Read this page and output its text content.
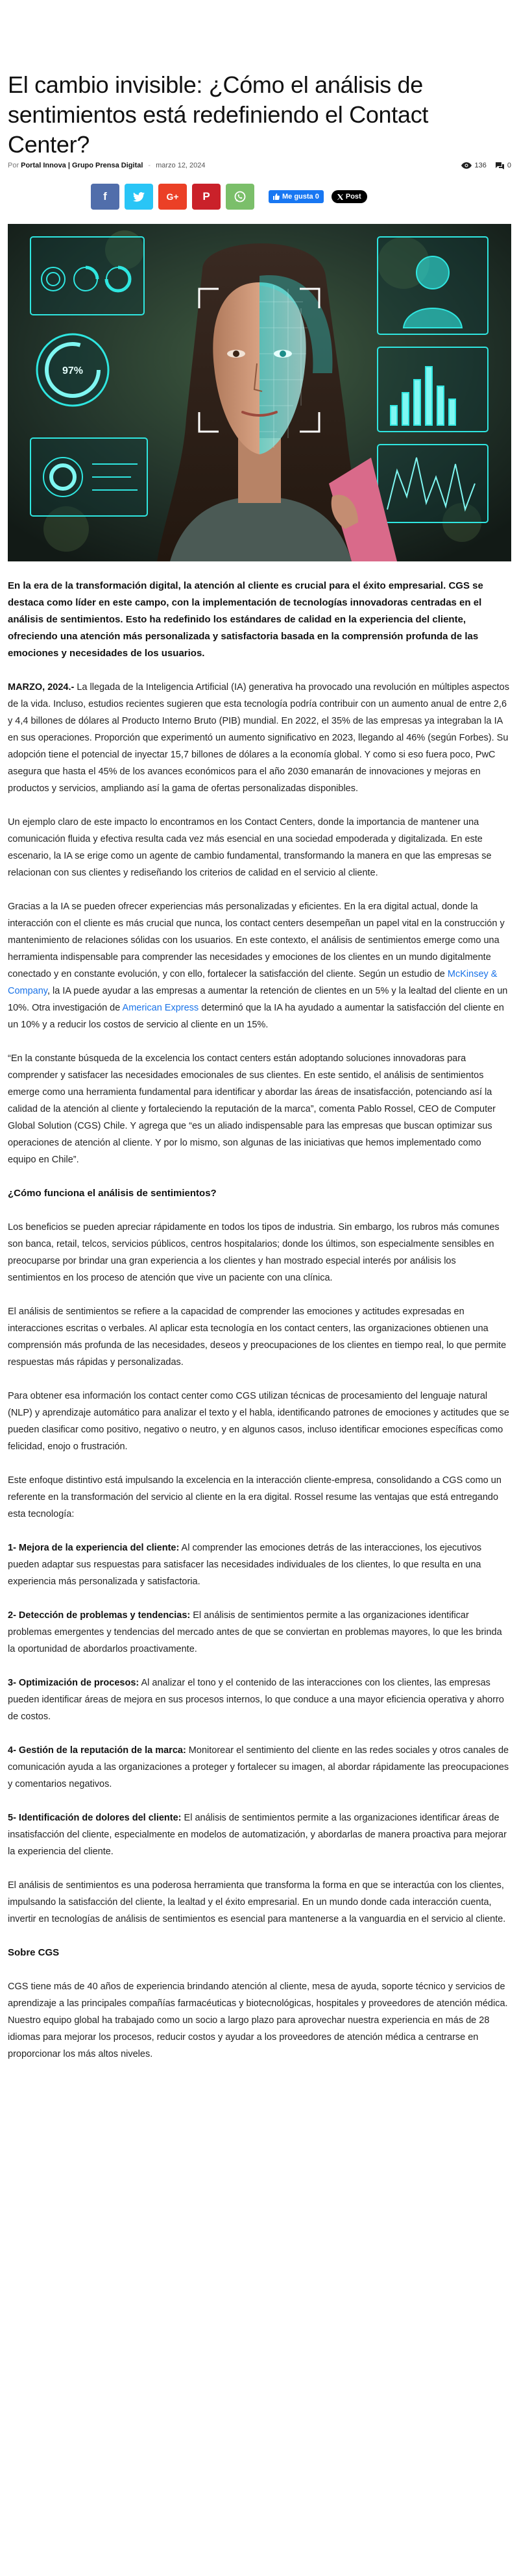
El cambio invisible: ¿Cómo el análisis de sentimientos está redefiniendo el Contact Center?
Por Portal Innova | Grupo Prensa Digital - marzo 12, 2024	136	0
f	G+ P	Me gusta 0	Post
97%

En la era de la transformación digital, la atención al cliente es crucial para el éxito empresarial. CGS se destaca como líder en este campo, con la implementación de tecnologías innovadoras centradas en el análisis de sentimientos. Esto ha redefinido los estándares de calidad en la experiencia del cliente, ofreciendo una atención más personalizada y satisfactoria basada en la comprensión profunda de las emociones y necesidades de los usuarios.

MARZO, 2024.- La llegada de la Inteligencia Artificial (IA) generativa ha provocado una revolución en múltiples aspectos de la vida. Incluso, estudios recientes sugieren que esta tecnología podría contribuir con un aumento anual de entre 2,6 y 4,4 billones de dólares al Producto Interno Bruto (PIB) mundial. En 2022, el 35% de las empresas ya integraban la IA en sus operaciones. Proporción que experimentó un aumento significativo en 2023, llegando al 46% (según Forbes). Su adopción tiene el potencial de inyectar 15,7 billones de dólares a la economía global. Y como si eso fuera poco, PwC asegura que hasta el 45% de los avances económicos para el año 2030 emanarán de innovaciones y mejoras en productos y servicios, ampliando así la gama de ofertas personalizadas disponibles.

Un ejemplo claro de este impacto lo encontramos en los Contact Centers, donde la importancia de mantener una comunicación fluida y efectiva resulta cada vez más esencial en una sociedad empoderada y digitalizada. En este escenario, la IA se erige como un agente de cambio fundamental, transformando la manera en que las empresas se relacionan con sus clientes y rediseñando los criterios de calidad en el servicio al cliente.

Gracias a la IA se pueden ofrecer experiencias más personalizadas y eficientes. En la era digital actual, donde la interacción con el cliente es más crucial que nunca, los contact centers desempeñan un papel vital en la construcción y mantenimiento de relaciones sólidas con los usuarios. En este contexto, el análisis de sentimientos emerge como una herramienta indispensable para comprender las necesidades y emociones de los clientes en un mundo digitalmente conectado y en constante evolución, y con ello, fortalecer la satisfacción del cliente. Según un estudio de McKinsey & Company, la IA puede ayudar a las empresas a aumentar la retención de clientes en un 5% y la lealtad del cliente en un 10%. Otra investigación de American Express determinó que la IA ha ayudado a aumentar la satisfacción del cliente en un 10% y a reducir los costos de servicio al cliente en un 15%.

“En la constante búsqueda de la excelencia los contact centers están adoptando soluciones innovadoras para comprender y satisfacer las necesidades emocionales de sus clientes. En este sentido, el análisis de sentimientos emerge como una herramienta fundamental para identificar y abordar las áreas de insatisfacción, potenciando así la calidad de la atención al cliente y fortaleciendo la reputación de la marca”, comenta Pablo Rossel, CEO de Computer Global Solution (CGS) Chile. Y agrega que “es un aliado indispensable para las empresas que buscan optimizar sus operaciones de atención al cliente. Y por lo mismo, son algunas de las iniciativas que hemos implementado como equipo en Chile”.

¿Cómo funciona el análisis de sentimientos?

Los beneficios se pueden apreciar rápidamente en todos los tipos de industria. Sin embargo, los rubros más comunes son banca, retail, telcos, servicios públicos, centros hospitalarios; donde los últimos, son especialmente sensibles en preocuparse por brindar una gran experiencia a los clientes y han mostrado especial interés por análisis los sentimientos en los proceso de atención que vive un paciente con una clínica.

El análisis de sentimientos se refiere a la capacidad de comprender las emociones y actitudes expresadas en interacciones escritas o verbales. Al aplicar esta tecnología en los contact centers, las organizaciones obtienen una comprensión más profunda de las necesidades, deseos y preocupaciones de los clientes en tiempo real, lo que permite respuestas más rápidas y personalizadas.

Para obtener esa información los contact center como CGS utilizan técnicas de procesamiento del lenguaje natural (NLP) y aprendizaje automático para analizar el texto y el habla, identificando patrones de emociones y actitudes que se pueden clasificar como positivo, negativo o neutro, y en algunos casos, incluso identificar emociones específicas como felicidad, enojo o frustración.

Este enfoque distintivo está impulsando la excelencia en la interacción cliente-empresa, consolidando a CGS como un referente en la transformación del servicio al cliente en la era digital. Rossel resume las ventajas que está entregando esta tecnología:

1- Mejora de la experiencia del cliente: Al comprender las emociones detrás de las interacciones, los ejecutivos pueden adaptar sus respuestas para satisfacer las necesidades individuales de los clientes, lo que resulta en una experiencia más personalizada y satisfactoria.

2- Detección de problemas y tendencias: El análisis de sentimientos permite a las organizaciones identificar problemas emergentes y tendencias del mercado antes de que se conviertan en problemas mayores, lo que les brinda la oportunidad de abordarlos proactivamente.

3- Optimización de procesos: Al analizar el tono y el contenido de las interacciones con los clientes, las empresas pueden identificar áreas de mejora en sus procesos internos, lo que conduce a una mayor eficiencia operativa y ahorro de costos.

4- Gestión de la reputación de la marca: Monitorear el sentimiento del cliente en las redes sociales y otros canales de comunicación ayuda a las organizaciones a proteger y fortalecer su imagen, al abordar rápidamente las preocupaciones y comentarios negativos.

5- Identificación de dolores del cliente: El análisis de sentimientos permite a las organizaciones identificar áreas de insatisfacción del cliente, especialmente en modelos de automatización, y abordarlas de manera proactiva para mejorar la experiencia del cliente.

El análisis de sentimientos es una poderosa herramienta que transforma la forma en que se interactúa con los clientes, impulsando la satisfacción del cliente, la lealtad y el éxito empresarial. En un mundo donde cada interacción cuenta, invertir en tecnologías de análisis de sentimientos es esencial para mantenerse a la vanguardia en el servicio al cliente.

Sobre CGS

CGS tiene más de 40 años de experiencia brindando atención al cliente, mesa de ayuda, soporte técnico y servicios de aprendizaje a las principales compañías farmacéuticas y biotecnológicas, hospitales y proveedores de atención médica. Nuestro equipo global ha trabajado como un socio a largo plazo para aprovechar nuestra experiencia en más de 28 idiomas para mejorar los procesos, reducir costos y ayudar a los proveedores de atención médica a centrarse en proporcionar los más altos niveles.
